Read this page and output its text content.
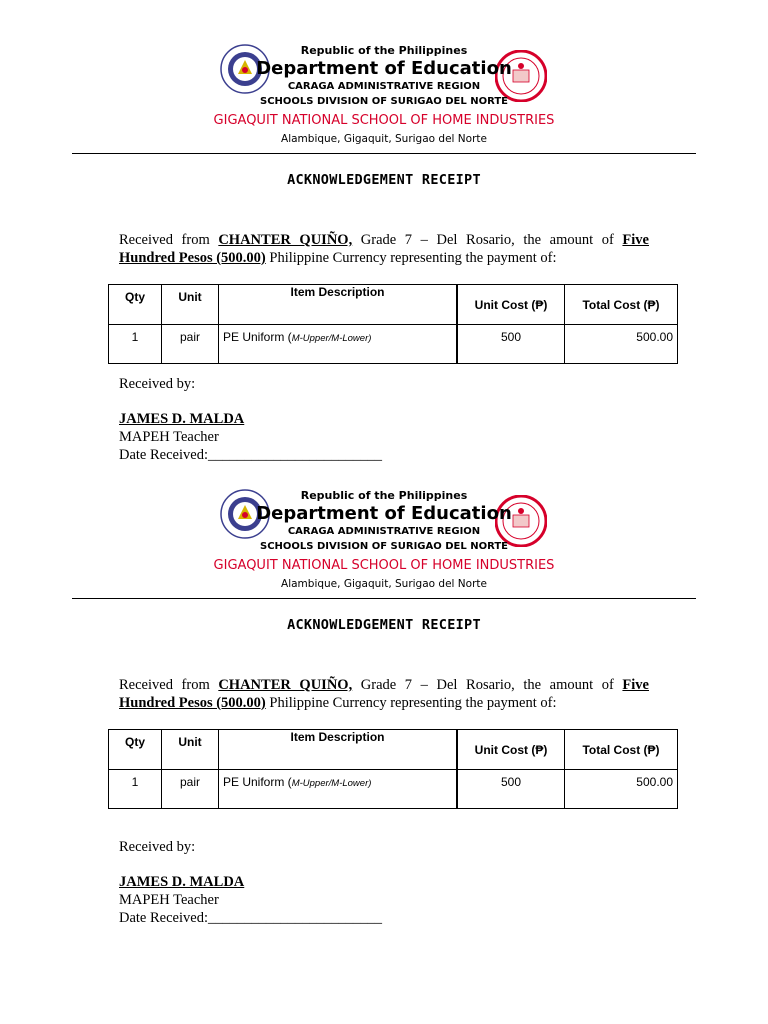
Republic of the Philippines
Department of Education
CARAGA ADMINISTRATIVE REGION
SCHOOLS DIVISION OF SURIGAO DEL NORTE
GIGAQUIT NATIONAL SCHOOL OF HOME INDUSTRIES
Alambique, Gigaquit, Surigao del Norte
ACKNOWLEDGEMENT RECEIPT
Received from CHANTER QUIÑO, Grade 7 – Del Rosario, the amount of Five Hundred Pesos (500.00) Philippine Currency representing the payment of:
Qty	Unit	Item Description	Unit Cost (₱)	Total Cost (₱)
1	pair	PE Uniform (M-Upper/M-Lower)	500	500.00
Received by:
JAMES D. MALDA
MAPEH Teacher
Date Received:________________________
Republic of the Philippines
Department of Education
CARAGA ADMINISTRATIVE REGION
SCHOOLS DIVISION OF SURIGAO DEL NORTE
GIGAQUIT NATIONAL SCHOOL OF HOME INDUSTRIES
Alambique, Gigaquit, Surigao del Norte
ACKNOWLEDGEMENT RECEIPT
Received from CHANTER QUIÑO, Grade 7 – Del Rosario, the amount of Five Hundred Pesos (500.00) Philippine Currency representing the payment of:
Qty	Unit	Item Description	Unit Cost (₱)	Total Cost (₱)
1	pair	PE Uniform (M-Upper/M-Lower)	500	500.00
Received by:
JAMES D. MALDA
MAPEH Teacher
Date Received:________________________
